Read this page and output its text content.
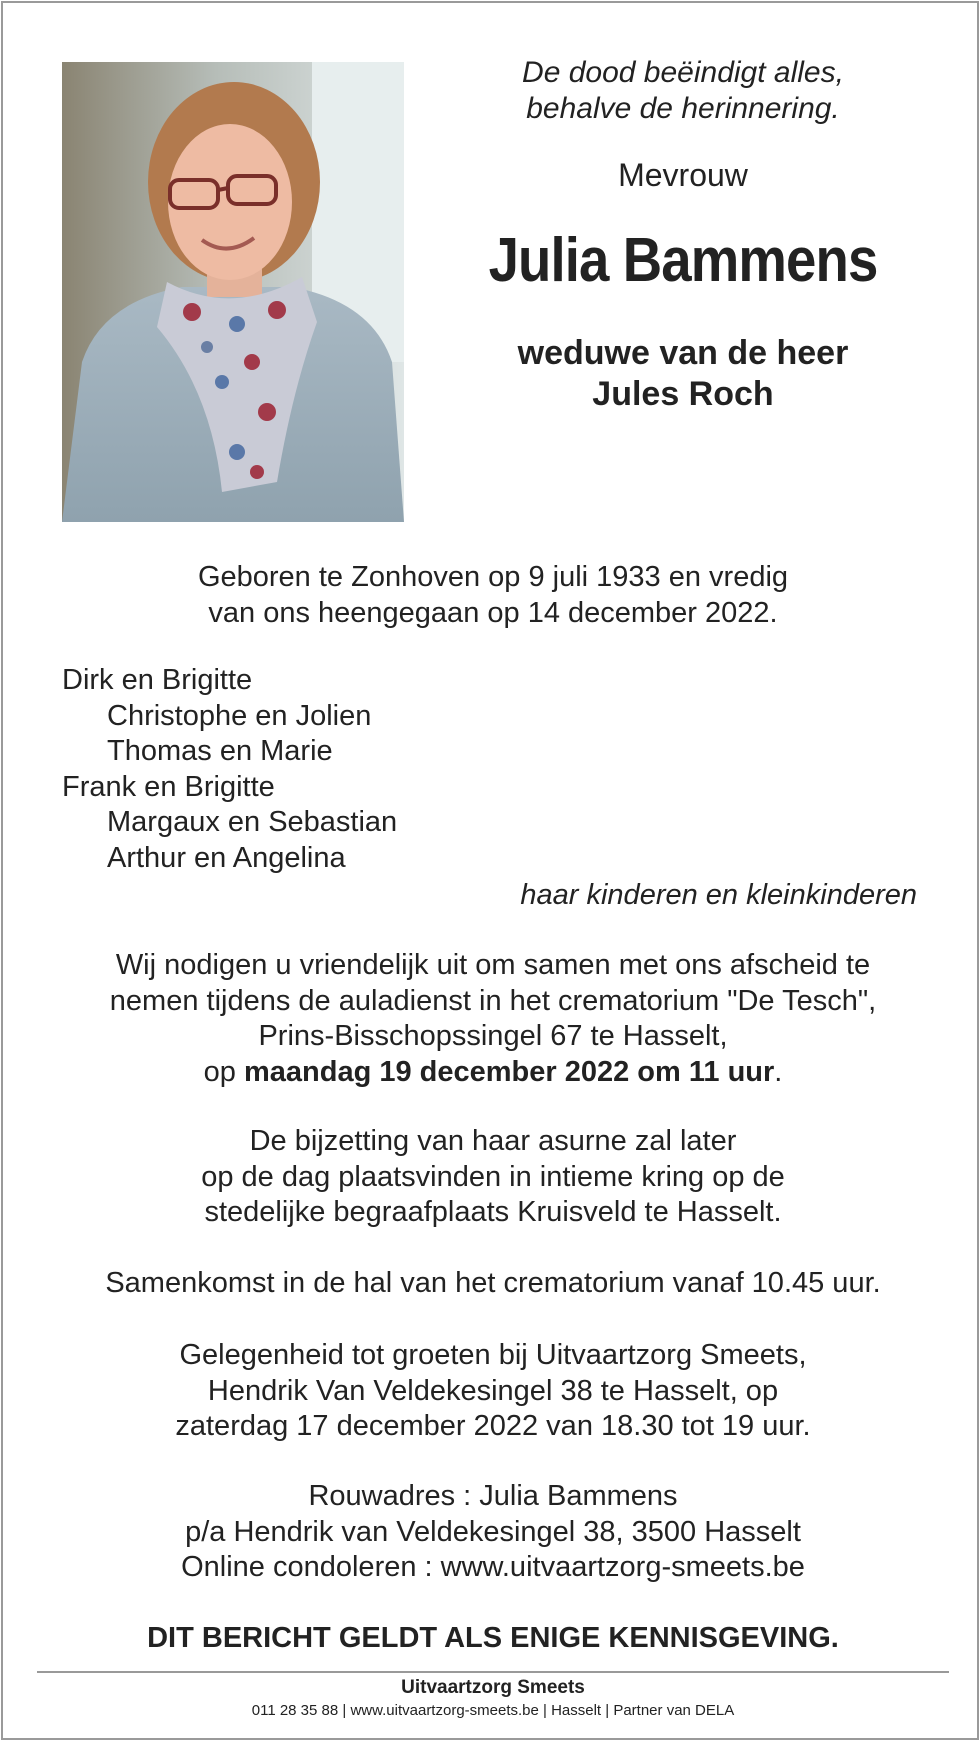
De dood beëindigt alles,
behalve de herinnering.
Mevrouw
Julia Bammens
weduwe van de heer
Jules Roch
Geboren te Zonhoven op 9 juli 1933 en vredig
van ons heengegaan op 14 december 2022.
Dirk en Brigitte
Christophe en Jolien
Thomas en Marie
Frank en Brigitte
Margaux en Sebastian
Arthur en Angelina
haar kinderen en kleinkinderen
Wij nodigen u vriendelijk uit om samen met ons afscheid te
nemen tijdens de auladienst in het crematorium "De Tesch",
Prins-Bisschopssingel 67 te Hasselt,
op maandag 19 december 2022 om 11 uur.
De bijzetting van haar asurne zal later
op de dag plaatsvinden in intieme kring op de
stedelijke begraafplaats Kruisveld te Hasselt.
Samenkomst in de hal van het crematorium vanaf 10.45 uur.
Gelegenheid tot groeten bij Uitvaartzorg Smeets,
Hendrik Van Veldekesingel 38 te Hasselt, op
zaterdag 17 december 2022 van 18.30 tot 19 uur.
Rouwadres : Julia Bammens
p/a Hendrik van Veldekesingel 38, 3500 Hasselt
Online condoleren : www.uitvaartzorg-smeets.be
DIT BERICHT GELDT ALS ENIGE KENNISGEVING.
Uitvaartzorg Smeets
011 28 35 88 | www.uitvaartzorg-smeets.be | Hasselt | Partner van DELA
